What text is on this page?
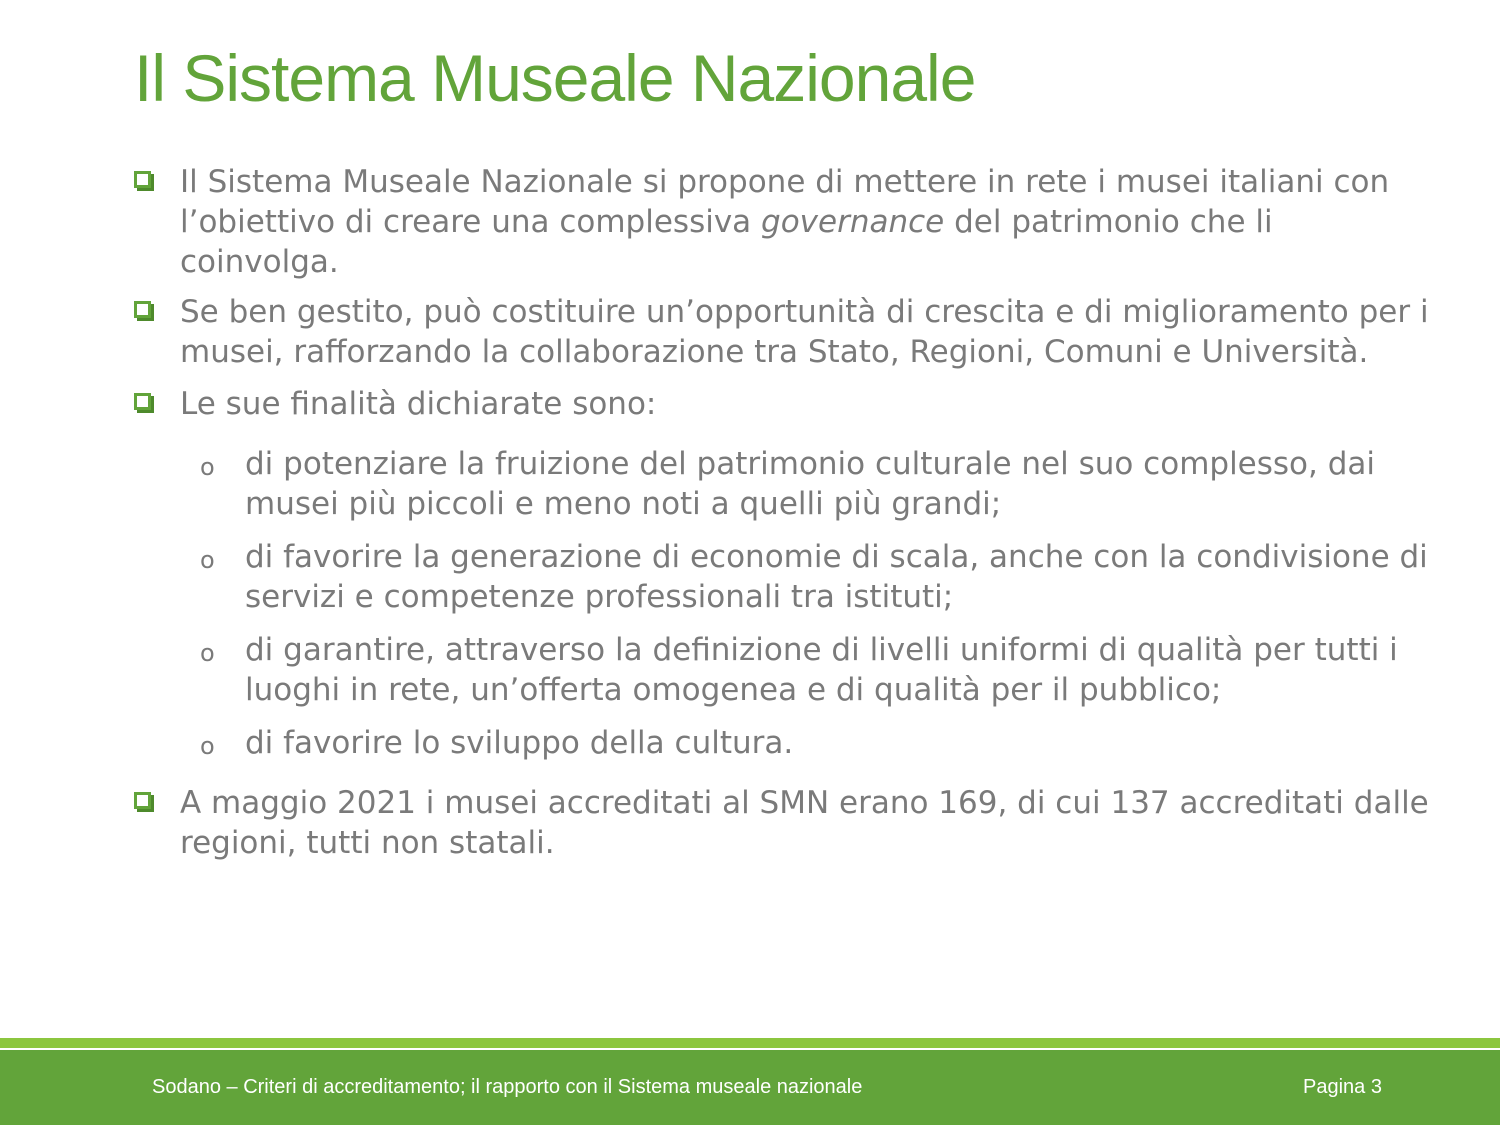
Il Sistema Museale Nazionale
Il Sistema Museale Nazionale si propone di mettere in rete i musei italiani con l’obiettivo di creare una complessiva governance del patrimonio che li coinvolga.
Se ben gestito, può costituire un’opportunità di crescita e di miglioramento per i musei, rafforzando la collaborazione tra Stato, Regioni, Comuni e Università.
Le sue finalità dichiarate sono:
o di potenziare la fruizione del patrimonio culturale nel suo complesso, dai musei più piccoli e meno noti a quelli più grandi;
o di favorire la generazione di economie di scala, anche con la condivisione di servizi e competenze professionali tra istituti;
o di garantire, attraverso la definizione di livelli uniformi di qualità per tutti i luoghi in rete, un’offerta omogenea e di qualità per il pubblico;
o di favorire lo sviluppo della cultura.
A maggio 2021 i musei accreditati al SMN erano 169, di cui 137 accreditati dalle regioni, tutti non statali.
Sodano – Criteri di accreditamento; il rapporto con il Sistema museale nazionale	Pagina 3
